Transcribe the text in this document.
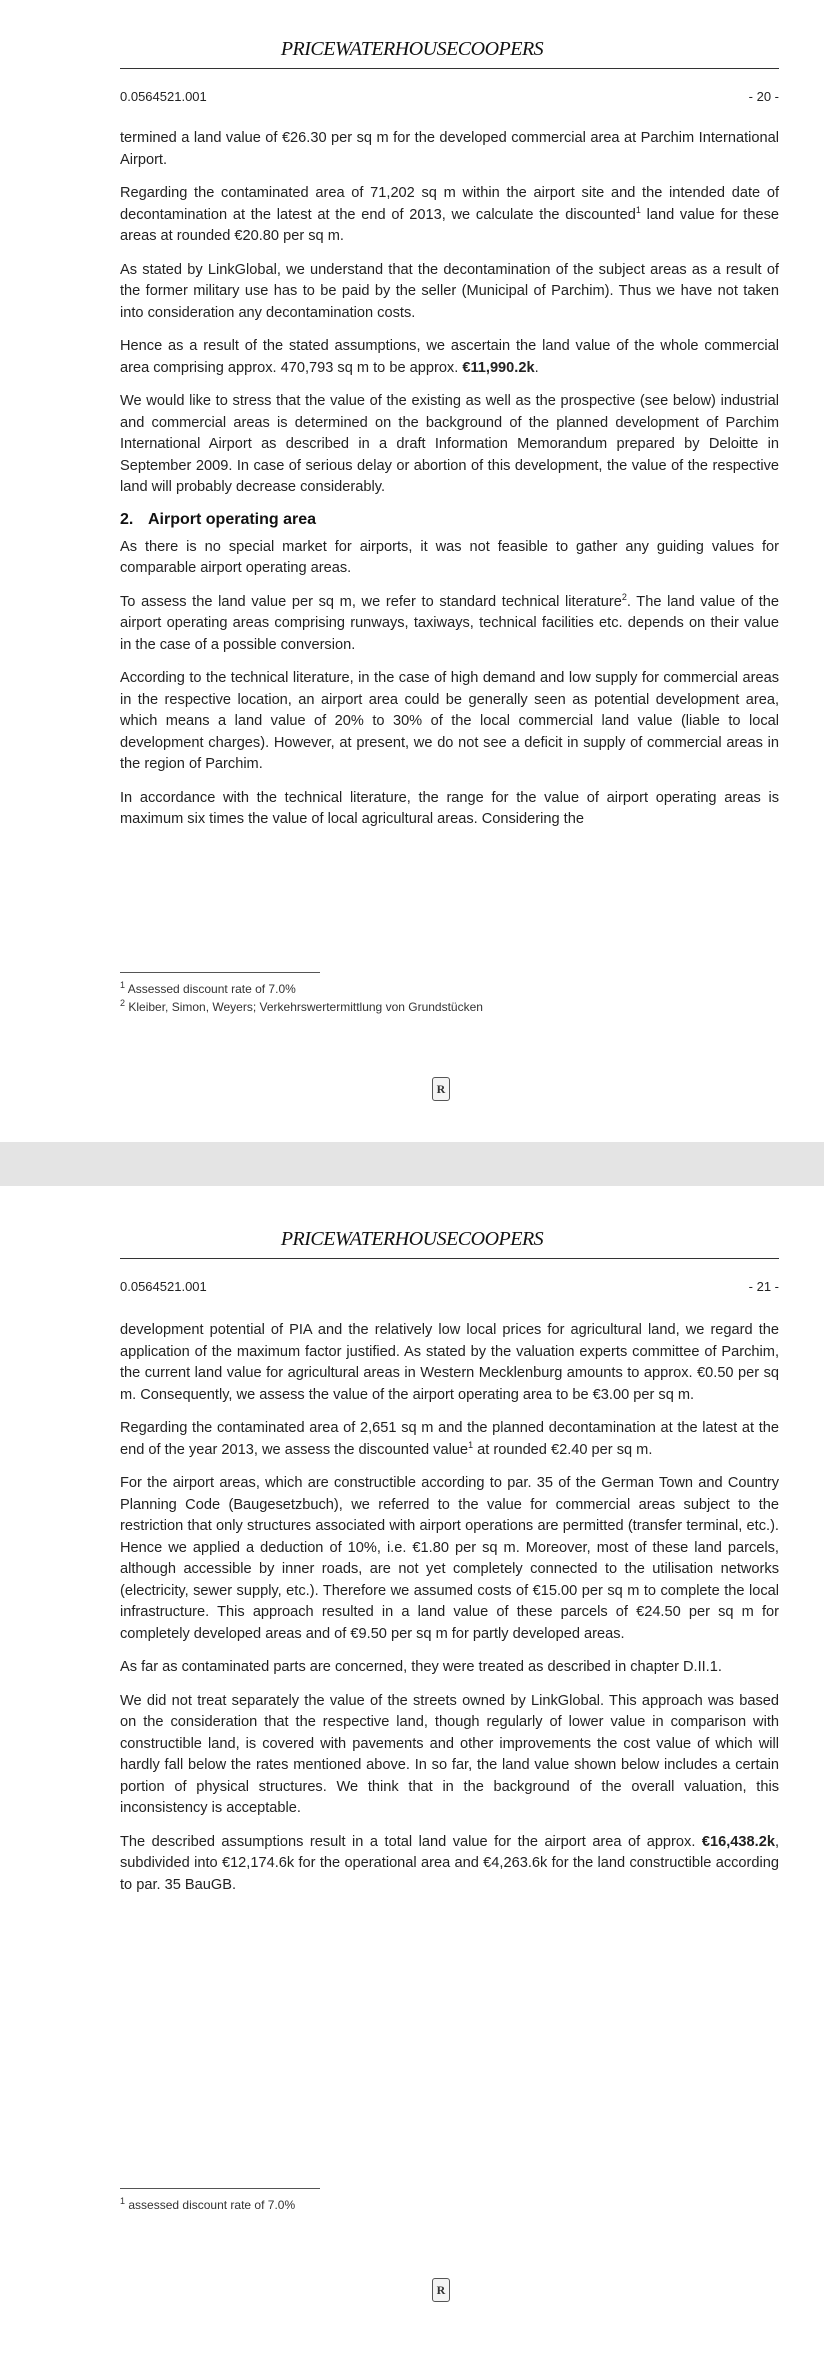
PRICEWATERHOUSECOOPERS
0.0564521.001	- 20 -

termined a land value of €26.30 per sq m for the developed commercial area at Parchim International Airport.

Regarding the contaminated area of 71,202 sq m within the airport site and the intended date of decontamination at the latest at the end of 2013, we calculate the discounted$^1$ land value for these areas at rounded €20.80 per sq m.

As stated by LinkGlobal, we understand that the decontamination of the subject areas as a result of the former military use has to be paid by the seller (Municipal of Parchim). Thus we have not taken into consideration any decontamination costs.

Hence as a result of the stated assumptions, we ascertain the land value of the whole commercial area comprising approx. 470,793 sq m to be approx. €11,990.2k.

We would like to stress that the value of the existing as well as the prospective (see below) industrial and commercial areas is determined on the background of the planned development of Parchim International Airport as described in a draft Information Memorandum prepared by Deloitte in September 2009. In case of serious delay or abortion of this development, the value of the respective land will probably decrease considerably.

2. Airport operating area

As there is no special market for airports, it was not feasible to gather any guiding values for comparable airport operating areas.

To assess the land value per sq m, we refer to standard technical literature$^2$. The land value of the airport operating areas comprising runways, taxiways, technical facilities etc. depends on their value in the case of a possible conversion.

According to the technical literature, in the case of high demand and low supply for commercial areas in the respective location, an airport area could be generally seen as potential development area, which means a land value of 20% to 30% of the local commercial land value (liable to local development charges). However, at present, we do not see a deficit in supply of commercial areas in the region of Parchim.

In accordance with the technical literature, the range for the value of airport operating areas is maximum six times the value of local agricultural areas. Considering the

$^1$ Assessed discount rate of 7.0%
$^2$ Kleiber, Simon, Weyers; Verkehrswertermittlung von Grundstücken
R
PRICEWATERHOUSECOOPERS
0.0564521.001	- 21 -

development potential of PIA and the relatively low local prices for agricultural land, we regard the application of the maximum factor justified. As stated by the valuation experts committee of Parchim, the current land value for agricultural areas in Western Mecklenburg amounts to approx. €0.50 per sq m. Consequently, we assess the value of the airport operating area to be €3.00 per sq m.

Regarding the contaminated area of 2,651 sq m and the planned decontamination at the latest at the end of the year 2013, we assess the discounted value$^1$ at rounded €2.40 per sq m.

For the airport areas, which are constructible according to par. 35 of the German Town and Country Planning Code (Baugesetzbuch), we referred to the value for commercial areas subject to the restriction that only structures associated with airport operations are permitted (transfer terminal, etc.). Hence we applied a deduction of 10%, i.e. €1.80 per sq m. Moreover, most of these land parcels, although accessible by inner roads, are not yet completely connected to the utilisation networks (electricity, sewer supply, etc.). Therefore we assumed costs of €15.00 per sq m to complete the local infrastructure. This approach resulted in a land value of these parcels of €24.50 per sq m for completely developed areas and of €9.50 per sq m for partly developed areas.

As far as contaminated parts are concerned, they were treated as described in chapter D.II.1.

We did not treat separately the value of the streets owned by LinkGlobal. This approach was based on the consideration that the respective land, though regularly of lower value in comparison with constructible land, is covered with pavements and other improvements the cost value of which will hardly fall below the rates mentioned above. In so far, the land value shown below includes a certain portion of physical structures. We think that in the background of the overall valuation, this inconsistency is acceptable.

The described assumptions result in a total land value for the airport area of approx. €16,438.2k, subdivided into €12,174.6k for the operational area and €4,263.6k for the land constructible according to par. 35 BauGB.

$^1$ assessed discount rate of 7.0%
R
